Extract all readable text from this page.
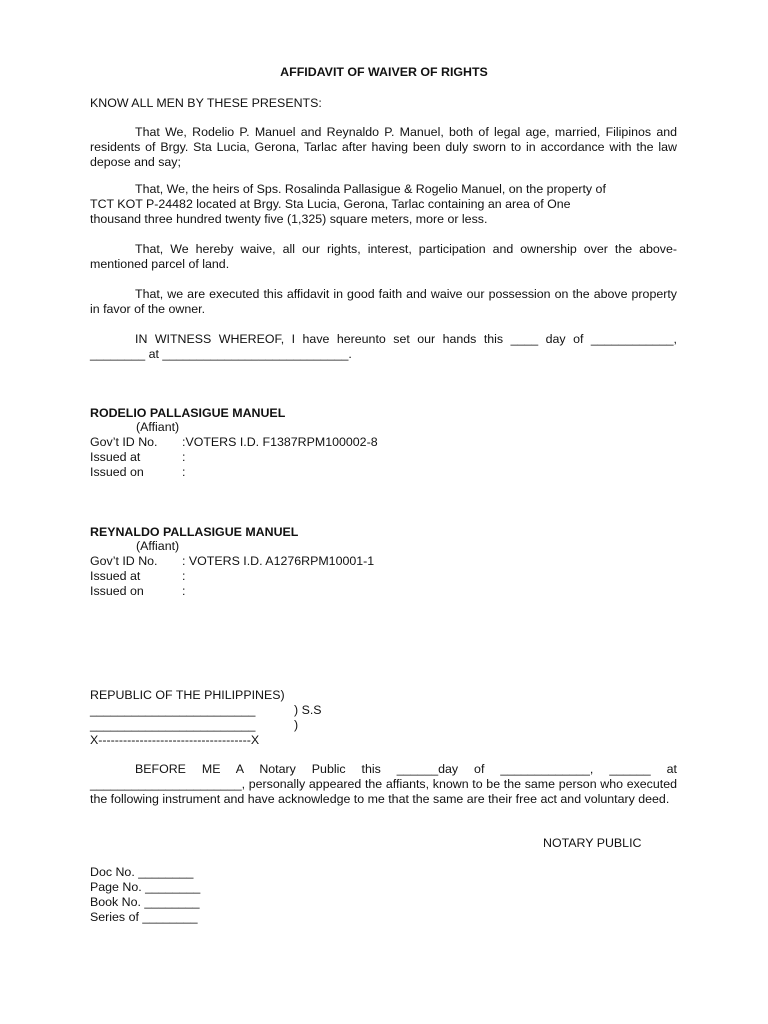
AFFIDAVIT OF WAIVER OF RIGHTS
KNOW ALL MEN BY THESE PRESENTS:
That We, Rodelio P. Manuel and Reynaldo P. Manuel, both of legal age, married, Filipinos and residents of Brgy. Sta Lucia, Gerona, Tarlac after having been duly sworn to in accordance with the law depose and say;
That, We, the heirs of Sps. Rosalinda Pallasigue & Rogelio Manuel, on the property of
TCT KOT P-24482 located at Brgy. Sta Lucia, Gerona, Tarlac containing an area of One
thousand three hundred twenty five (1,325) square meters, more or less.
That, We hereby waive, all our rights, interest, participation and ownership over the above-mentioned parcel of land.
That, we are executed this affidavit in good faith and waive our possession on the above property in favor of the owner.
IN WITNESS WHEREOF, I have hereunto set our hands this ____ day of ____________, ________ at ___________________________.
RODELIO PALLASIGUE MANUEL
(Affiant)
Gov’t ID No. :VOTERS I.D. F1387RPM100002-8
Issued at	:
Issued on	:
REYNALDO PALLASIGUE MANUEL
(Affiant)
Gov’t ID No. : VOTERS I.D. A1276RPM10001-1
Issued at	:
Issued on	:
REPUBLIC OF THE PHILIPPINES)
________________________	) S.S
________________________	)
X-------------------------------------X
BEFORE ME A Notary Public this ______day of _____________, ______ at ______________________, personally appeared the affiants, known to be the same person who executed the following instrument and have acknowledge to me that the same are their free act and voluntary deed.
NOTARY PUBLIC
Doc No. ________
Page No. ________
Book No. ________
Series of ________
